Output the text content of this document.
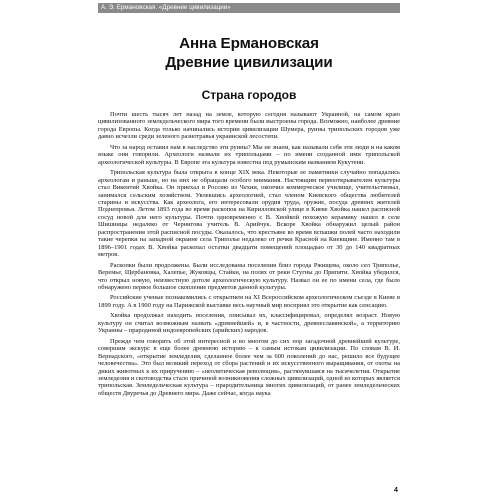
А. Э. Ермановская. «Древние цивилизации»
Анна Ермановская
Древние цивилизации
Страна городов

Почти шесть тысяч лет назад на земле, которую сегодня называют Украиной, на самом краю цивилизованного земледельческого мира того времени были выстроены города. Возможно, наиболее древние города Европы. Когда только начинались истории цивилизации Шумера, руины трипольских городов уже давно исчезли среди зеленого разнотравья украинской лесостепи.

Что за народ оставил нам в наследство эти руины? Мы не знаем, как называли себя эти люди и на каком языке они говорили. Археологи назвали их трипольцами – по имени созданной ими трипольской археологической культуры. В Европе эта культура известна под румынским названием Кукутени.

Трипольская культура была открыта в конце XIX века. Некоторые ее памятники случайно попадались археологам и раньше, но на них не обращали особого внимания. Настоящим первооткрывателем культуры стал Викентий Хвойка. Он приехал в Россию из Чехии, окончил коммерческое училище, учительствовал, занимался сельским хозяйством. Увлекшись археологией, стал членом Киевского общества любителей старины и искусства. Как археолога, его интересовали орудия труда, оружие, посуда древних жителей Поднепровья. Летом 1893 года во время раскопок на Кирилловской улице в Киеве Хвойка нашел расписной сосуд новой для него культуры. Почти одновременно с В. Хвойкой похожую керамику нашел в селе Шишницы недалеко от Чернигова учитель В. Арийчук. Вскоре Хвойка обнаружил целый район распространения этой расписной посуды. Оказалось, что крестьяне во время вспашки полей часто находили такие черепки на западной окраине села Триполье недалеко от речки Красной на Киевщине. Именно там в 1896–1901 годах В. Хвойка раскопал остатки двадцати помещений площадью от 30 до 140 квадратных метров.

Раскопки были продолжены. Были исследованы поселения близ города Ржищева, около сел Триполье, Веремье, Щербановка, Халепье, Жуковцы, Стайки, на полях от реки Стугны до Припяти. Хвойка убедился, что открыл новую, неизвестную дотоле археологическую культуру. Назвал он ее по имени села, где было обнаружено первое большое скопление предметов данной культуры.

Российские ученые познакомились с открытием на XI Всероссийском археологическом съезде в Киеве в 1899 году. А в 1900 году на Парижской выставке весь научный мир восприял это открытие как сенсацию.

Хвойка продолжал находить поселения, описывал их, классифицировал, определял возраст. Новую культуру он считал возможным назвать «древнейшей» и, в частности, древнеславянской», а территорию Украины – прародиной индоевропейских (арийских) народов.

Прежде чем говорить об этой интересной и во многом до сих пор загадочной древнейшей культуре, совершим экскурс в еще более древнюю историю – к самым истокам цивилизации. По словам В. И. Вернадского, «открытие земледелия, сделанное более чем за 600 поколений до нас, решило все будущее человечества». Это был великий переход от сбора растений и их искусственного выращивания, от охоты на диких животных к их приручению – «неолитическая революция», растянувшаяся на тысячелетия. Открытие земледелия и скотоводства стало причиной возникновения сложных цивилизаций, одной из которых является трипольская. Земледельческая культура – прародительница многих цивилизаций, от ранее земледельческих обществ Двуречья до Древнего мира. Даже сейчас, когда наука

4
